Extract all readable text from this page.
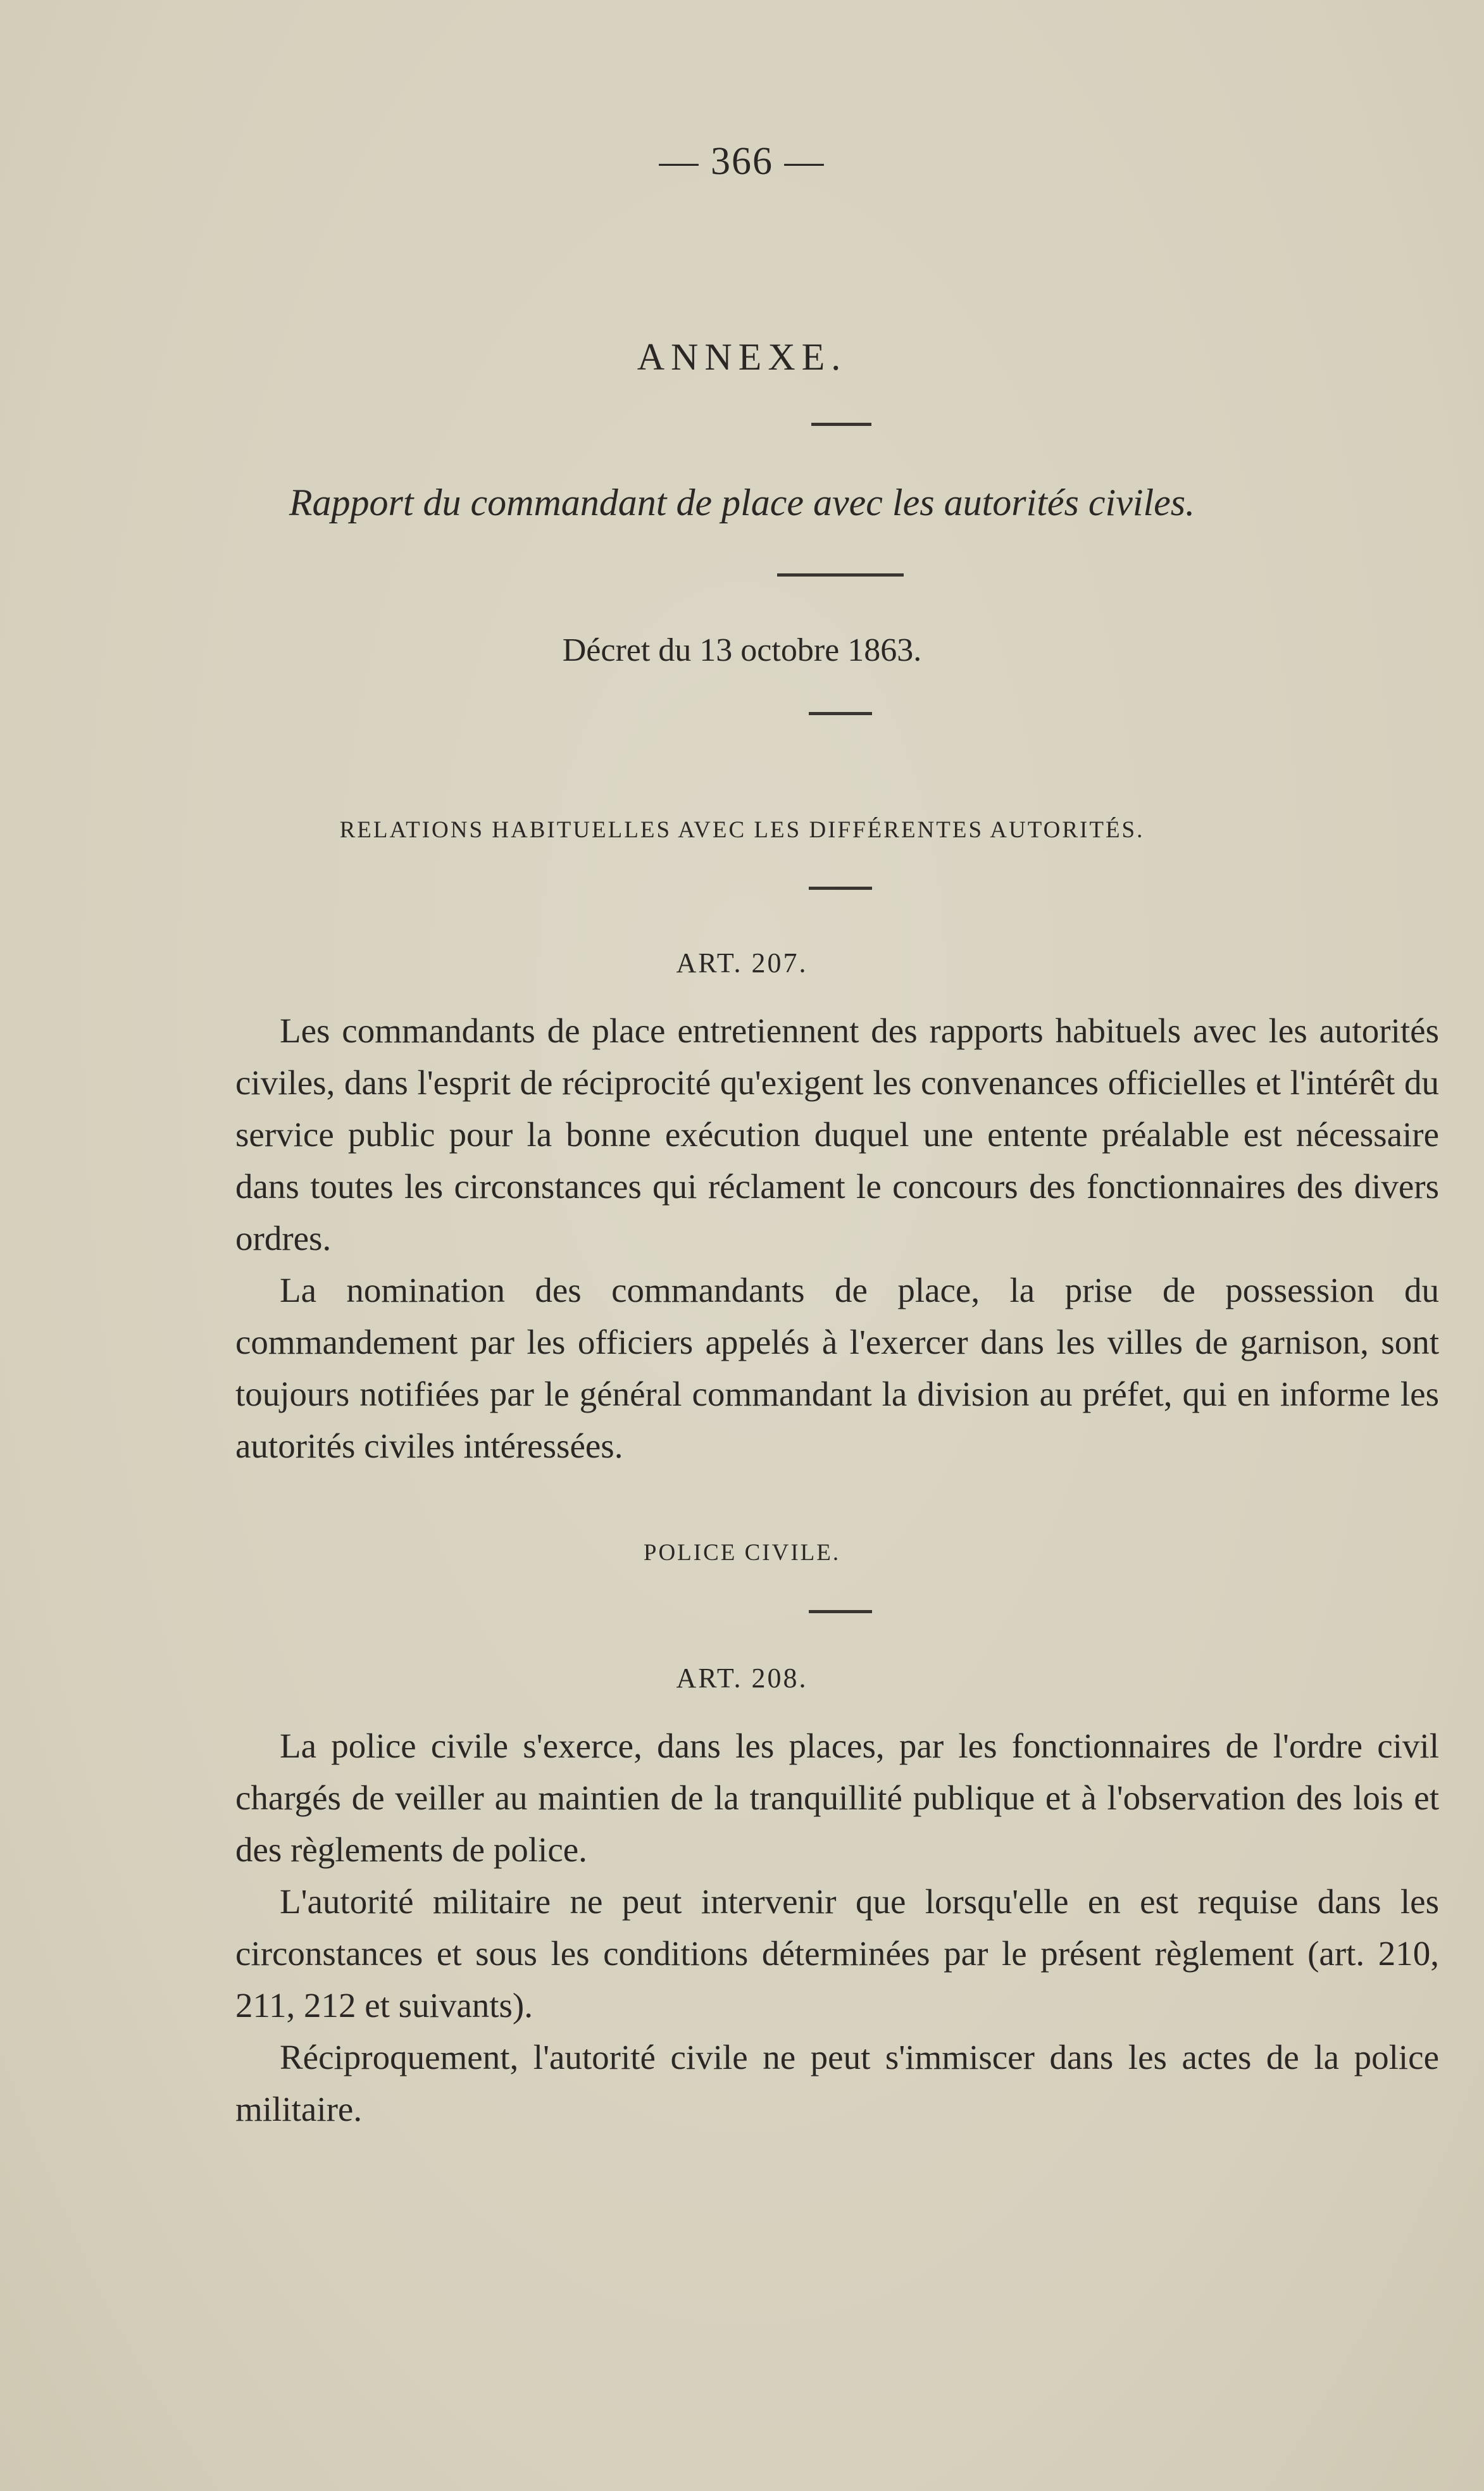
— 366 —
ANNEXE.
Rapport du commandant de place avec les autorités civiles.
Décret du 13 octobre 1863.
RELATIONS HABITUELLES AVEC LES DIFFÉRENTES AUTORITÉS.
ART. 207.

Les commandants de place entretiennent des rapports habituels avec les autorités civiles, dans l'esprit de réciprocité qu'exigent les convenances officielles et l'intérêt du service public pour la bonne exécution duquel une entente préalable est nécessaire dans toutes les circonstances qui réclament le concours des fonctionnaires des divers ordres.

La nomination des commandants de place, la prise de possession du commandement par les officiers appelés à l'exercer dans les villes de garnison, sont toujours notifiées par le général commandant la division au préfet, qui en informe les autorités civiles intéressées.

POLICE CIVILE.
ART. 208.

La police civile s'exerce, dans les places, par les fonctionnaires de l'ordre civil chargés de veiller au maintien de la tranquillité publique et à l'observation des lois et des règlements de police.

L'autorité militaire ne peut intervenir que lorsqu'elle en est requise dans les circonstances et sous les conditions déterminées par le présent règlement (art. 210, 211, 212 et suivants).

Réciproquement, l'autorité civile ne peut s'immiscer dans les actes de la police militaire.
